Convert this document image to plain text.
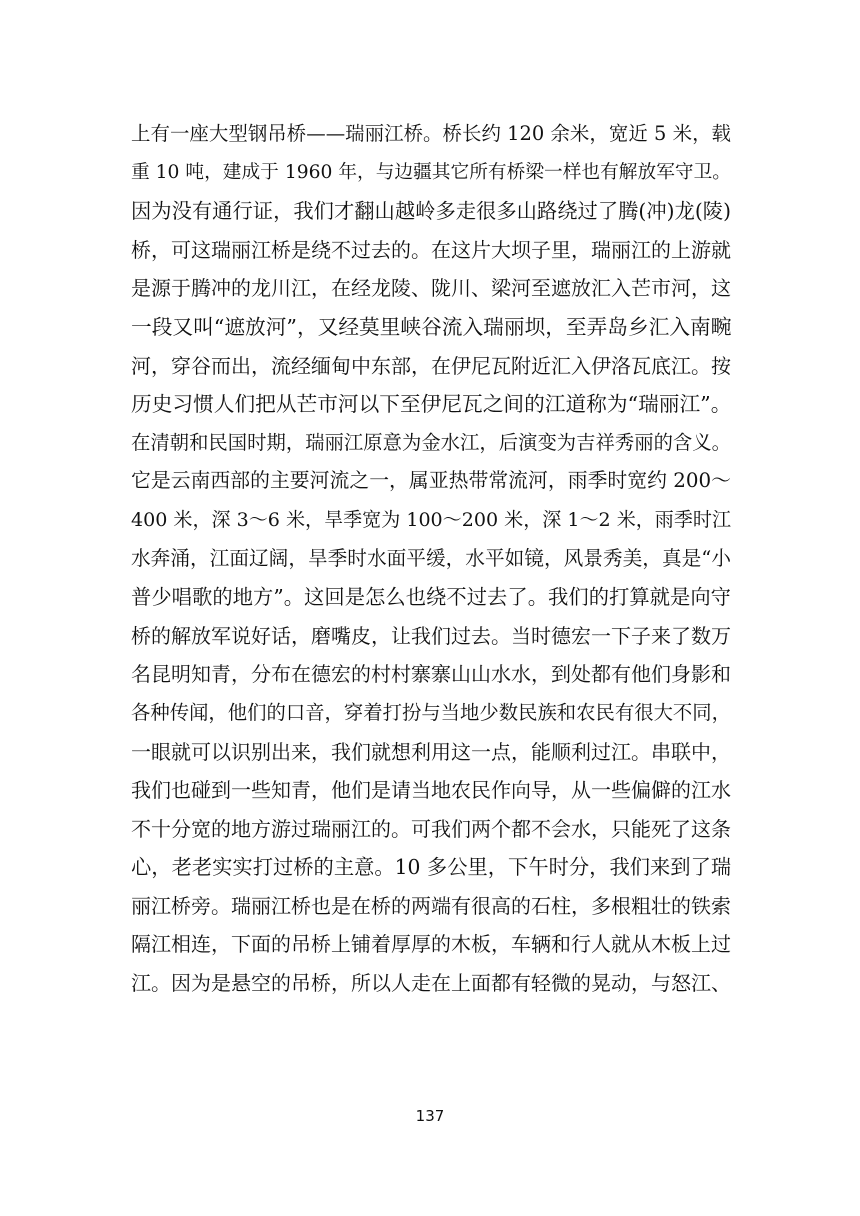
上有一座大型钢吊桥——瑞丽江桥。桥长约 120 余米，宽近 5 米，载
重 10 吨，建成于 1960 年，与边疆其它所有桥梁一样也有解放军守卫。
因为没有通行证，我们才翻山越岭多走很多山路绕过了腾(冲)龙(陵)
桥，可这瑞丽江桥是绕不过去的。在这片大坝子里，瑞丽江的上游就
是源于腾冲的龙川江，在经龙陵、陇川、梁河至遮放汇入芒市河，这
一段又叫“遮放河”，又经莫里峡谷流入瑞丽坝，至弄岛乡汇入南畹
河，穿谷而出，流经缅甸中东部，在伊尼瓦附近汇入伊洛瓦底江。按
历史习惯人们把从芒市河以下至伊尼瓦之间的江道称为“瑞丽江”。
在清朝和民国时期，瑞丽江原意为金水江，后演变为吉祥秀丽的含义。
它是云南西部的主要河流之一，属亚热带常流河，雨季时宽约 200～
400 米，深 3～6 米，旱季宽为 100～200 米，深 1～2 米，雨季时江
水奔涌，江面辽阔，旱季时水面平缓，水平如镜，风景秀美，真是“小
普少唱歌的地方”。这回是怎么也绕不过去了。我们的打算就是向守
桥的解放军说好话，磨嘴皮，让我们过去。当时德宏一下子来了数万
名昆明知青，分布在德宏的村村寨寨山山水水，到处都有他们身影和
各种传闻，他们的口音，穿着打扮与当地少数民族和农民有很大不同，
一眼就可以识别出来，我们就想利用这一点，能顺利过江。串联中，
我们也碰到一些知青，他们是请当地农民作向导，从一些偏僻的江水
不十分宽的地方游过瑞丽江的。可我们两个都不会水，只能死了这条
心，老老实实打过桥的主意。10 多公里，下午时分，我们来到了瑞
丽江桥旁。瑞丽江桥也是在桥的两端有很高的石柱，多根粗壮的铁索
隔江相连，下面的吊桥上铺着厚厚的木板，车辆和行人就从木板上过
江。因为是悬空的吊桥，所以人走在上面都有轻微的晃动，与怒江、
137
